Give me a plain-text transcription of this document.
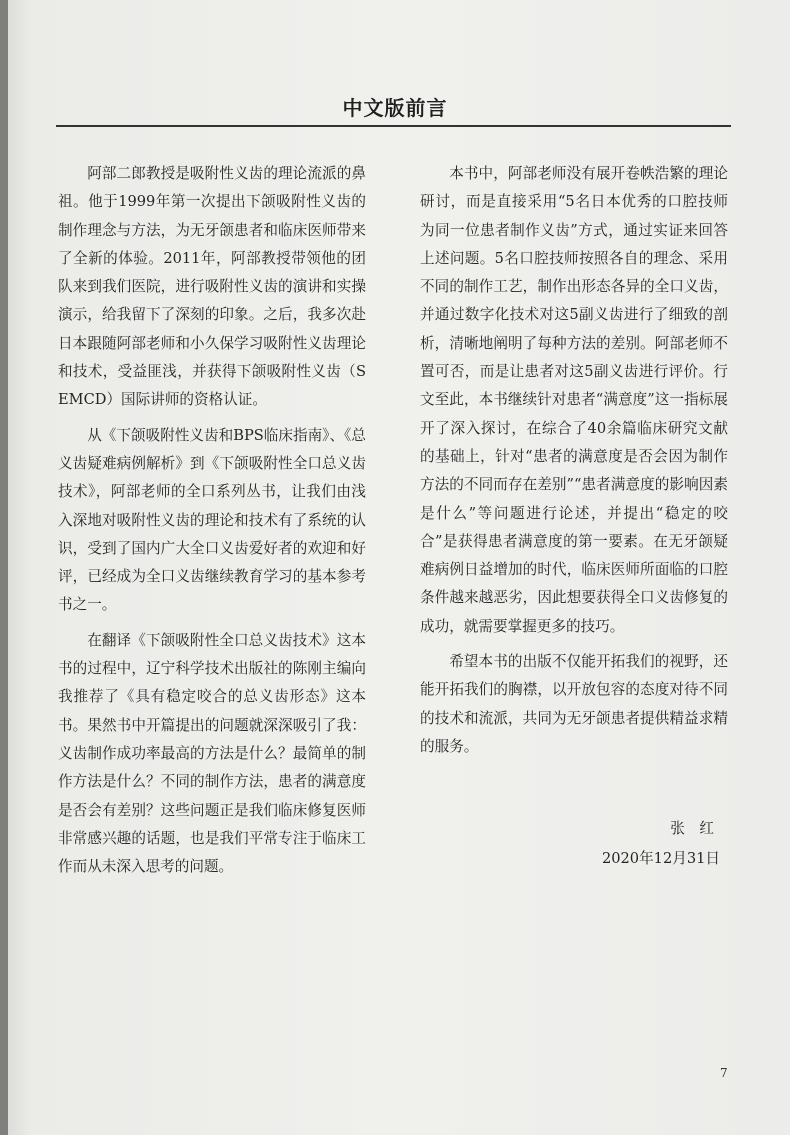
中文版前言

阿部二郎教授是吸附性义齿的理论流派的鼻祖。他于1999年第一次提出下颌吸附性义齿的制作理念与方法，为无牙颌患者和临床医师带来了全新的体验。2011年，阿部教授带领他的团队来到我们医院，进行吸附性义齿的演讲和实操演示，给我留下了深刻的印象。之后，我多次赴日本跟随阿部老师和小久保学习吸附性义齿理论和技术，受益匪浅，并获得下颌吸附性义齿（SEMCD）国际讲师的资格认证。

从《下颌吸附性义齿和BPS临床指南》、《总义齿疑难病例解析》到《下颌吸附性全口总义齿技术》，阿部老师的全口系列丛书，让我们由浅入深地对吸附性义齿的理论和技术有了系统的认识，受到了国内广大全口义齿爱好者的欢迎和好评，已经成为全口义齿继续教育学习的基本参考书之一。

在翻译《下颌吸附性全口总义齿技术》这本书的过程中，辽宁科学技术出版社的陈刚主编向我推荐了《具有稳定咬合的总义齿形态》这本书。果然书中开篇提出的问题就深深吸引了我：义齿制作成功率最高的方法是什么？最简单的制作方法是什么？不同的制作方法，患者的满意度是否会有差别？这些问题正是我们临床修复医师非常感兴趣的话题，也是我们平常专注于临床工作而从未深入思考的问题。

本书中，阿部老师没有展开卷帙浩繁的理论研讨，而是直接采用“5名日本优秀的口腔技师为同一位患者制作义齿”方式，通过实证来回答上述问题。5名口腔技师按照各自的理念、采用不同的制作工艺，制作出形态各异的全口义齿，并通过数字化技术对这5副义齿进行了细致的剖析，清晰地阐明了每种方法的差别。阿部老师不置可否，而是让患者对这5副义齿进行评价。行文至此，本书继续针对患者“满意度”这一指标展开了深入探讨，在综合了40余篇临床研究文献的基础上，针对“患者的满意度是否会因为制作方法的不同而存在差别”“患者满意度的影响因素是什么”等问题进行论述，并提出“稳定的咬合”是获得患者满意度的第一要素。在无牙颌疑难病例日益增加的时代，临床医师所面临的口腔条件越来越恶劣，因此想要获得全口义齿修复的成功，就需要掌握更多的技巧。

希望本书的出版不仅能开拓我们的视野，还能开拓我们的胸襟，以开放包容的态度对待不同的技术和流派，共同为无牙颌患者提供精益求精的服务。

张　红
2020年12月31日
7
